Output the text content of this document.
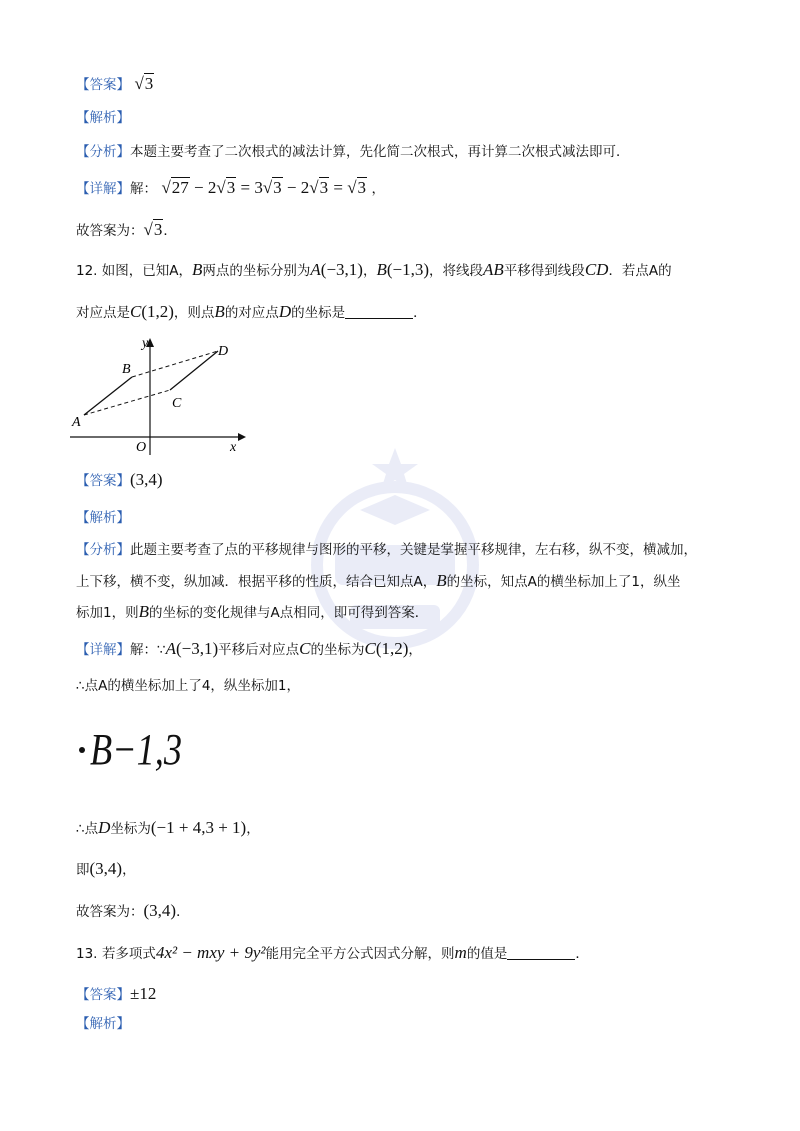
【答案】 √3
【解析】
【分析】本题主要考查了二次根式的减法计算，先化简二次根式，再计算二次根式减法即可．
【详解】解： √27 − 2√3 = 3√3 − 2√3 = √3 ，
故答案为：√3．
12. 如图，已知A，B两点的坐标分别为A(−3,1)，B(−1,3)，将线段AB平移得到线段CD．若点A的
对应点是C(1,2)，则点B的对应点D的坐标是	．
y
x
O
A
B
C
D
【答案】(3,4)
【解析】
【分析】此题主要考查了点的平移规律与图形的平移，关键是掌握平移规律，左右移，纵不变，横减加，
上下移，横不变，纵加减．根据平移的性质，结合已知点A，B的坐标，知点A的横坐标加上了1，纵坐
标加1，则B的坐标的变化规律与A点相同，即可得到答案．
【详解】解：∵A(−3,1)平移后对应点C的坐标为C(1,2)，
∴点A的横坐标加上了4，纵坐标加1，
B−1,3
∴点D坐标为(−1 + 4,3 + 1)，
即(3,4)，
故答案为：(3,4)．
13. 若多项式4x² − mxy + 9y²能用完全平方公式因式分解，则m的值是	．
【答案】±12
【解析】
